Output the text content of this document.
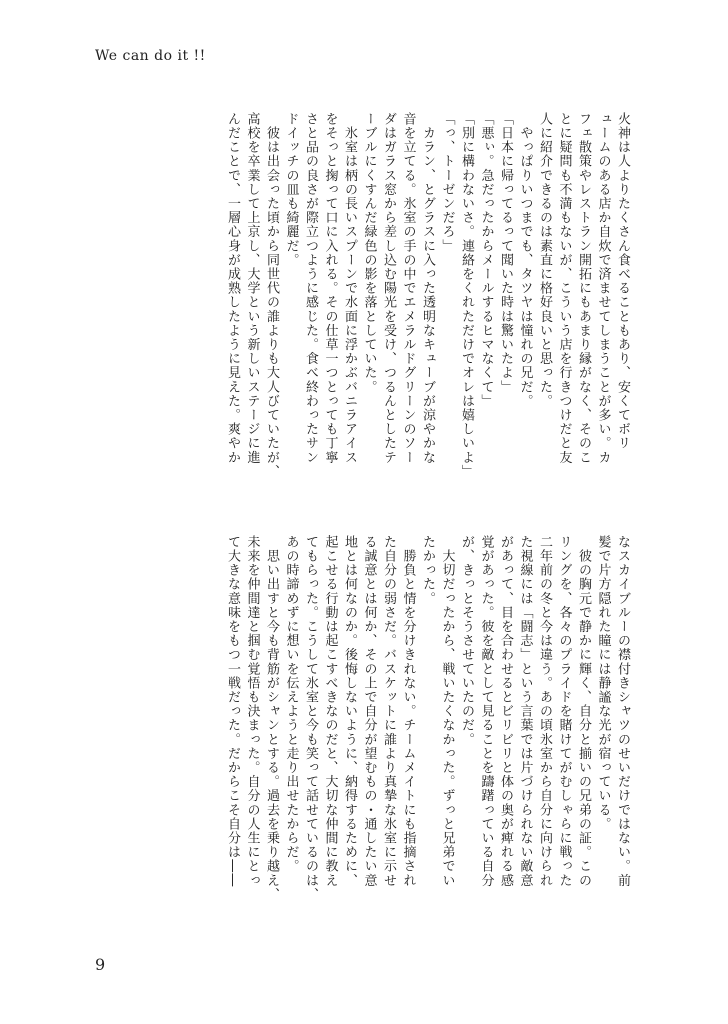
We can do it !!

火神は人よりたくさん食べることもあり、安くてボリ

ュームのある店か自炊で済ませてしまうことが多い。カ

フェ散策やレストラン開拓にもあまり縁がなく、そのこ

とに疑問も不満もないが、こういう店を行きつけだと友

人に紹介できるのは素直に格好良いと思った。

　やっぱりいつまでも、タツヤは憧れの兄だ。

「日本に帰ってるって聞いた時は驚いたよ」

「悪ぃ。急だったからメールするヒマなくて」

「別に構わないさ。連絡をくれただけでオレは嬉しいよ」

「っ、トーゼンだろ」

　カラン、とグラスに入った透明なキューブが涼やかな

音を立てる。氷室の手の中でエメラルドグリーンのソー

ダはガラス窓から差し込む陽光を受け、つるんとしたテ

ーブルにくすんだ緑色の影を落としていた。

　氷室は柄の長いスプーンで水面に浮かぶバニラアイス

をそっと掬って口に入れる。その仕草一つとっても丁寧

さと品の良さが際立つように感じた。食べ終わったサン

ドイッチの皿も綺麗だ。

　彼は出会った頃から同世代の誰よりも大人びていたが、

高校を卒業して上京し、大学という新しいステージに進

んだことで、一層心身が成熟したように見えた。爽やか

なスカイブルーの襟付きシャツのせいだけではない。前

髪で片方隠れた瞳には静謐な光が宿っている。

　彼の胸元で静かに輝く、自分と揃いの兄弟の証。この

リングを、各々のプライドを賭けてがむしゃらに戦った

二年前の冬と今は違う。あの頃氷室から自分に向けられ

た視線には「闘志」という言葉では片づけられない敵意

があって、目を合わせるとビリビリと体の奥が痺れる感

覚があった。彼を敵として見ることを躊躇っている自分

が、きっとそうさせていたのだ。

　大切だったから、戦いたくなかった。ずっと兄弟でい

たかった。

　勝負と情を分けきれない。チームメイトにも指摘され

た自分の弱さだ。バスケットに誰より真摯な氷室に示せ

る誠意とは何か、その上で自分が望むもの・通したい意

地とは何なのか。後悔しないように、納得するために、

起こせる行動は起こすべきなのだと、大切な仲間に教え

てもらった。こうして氷室と今も笑って話せているのは、

あの時諦めずに想いを伝えようと走り出せたからだ。

　思い出すと今も背筋がシャンとする。過去を乗り越え、

未来を仲間達と掴む覚悟も決まった。自分の人生にとっ

て大きな意味をもつ一戦だった。だからこそ自分は――

9
